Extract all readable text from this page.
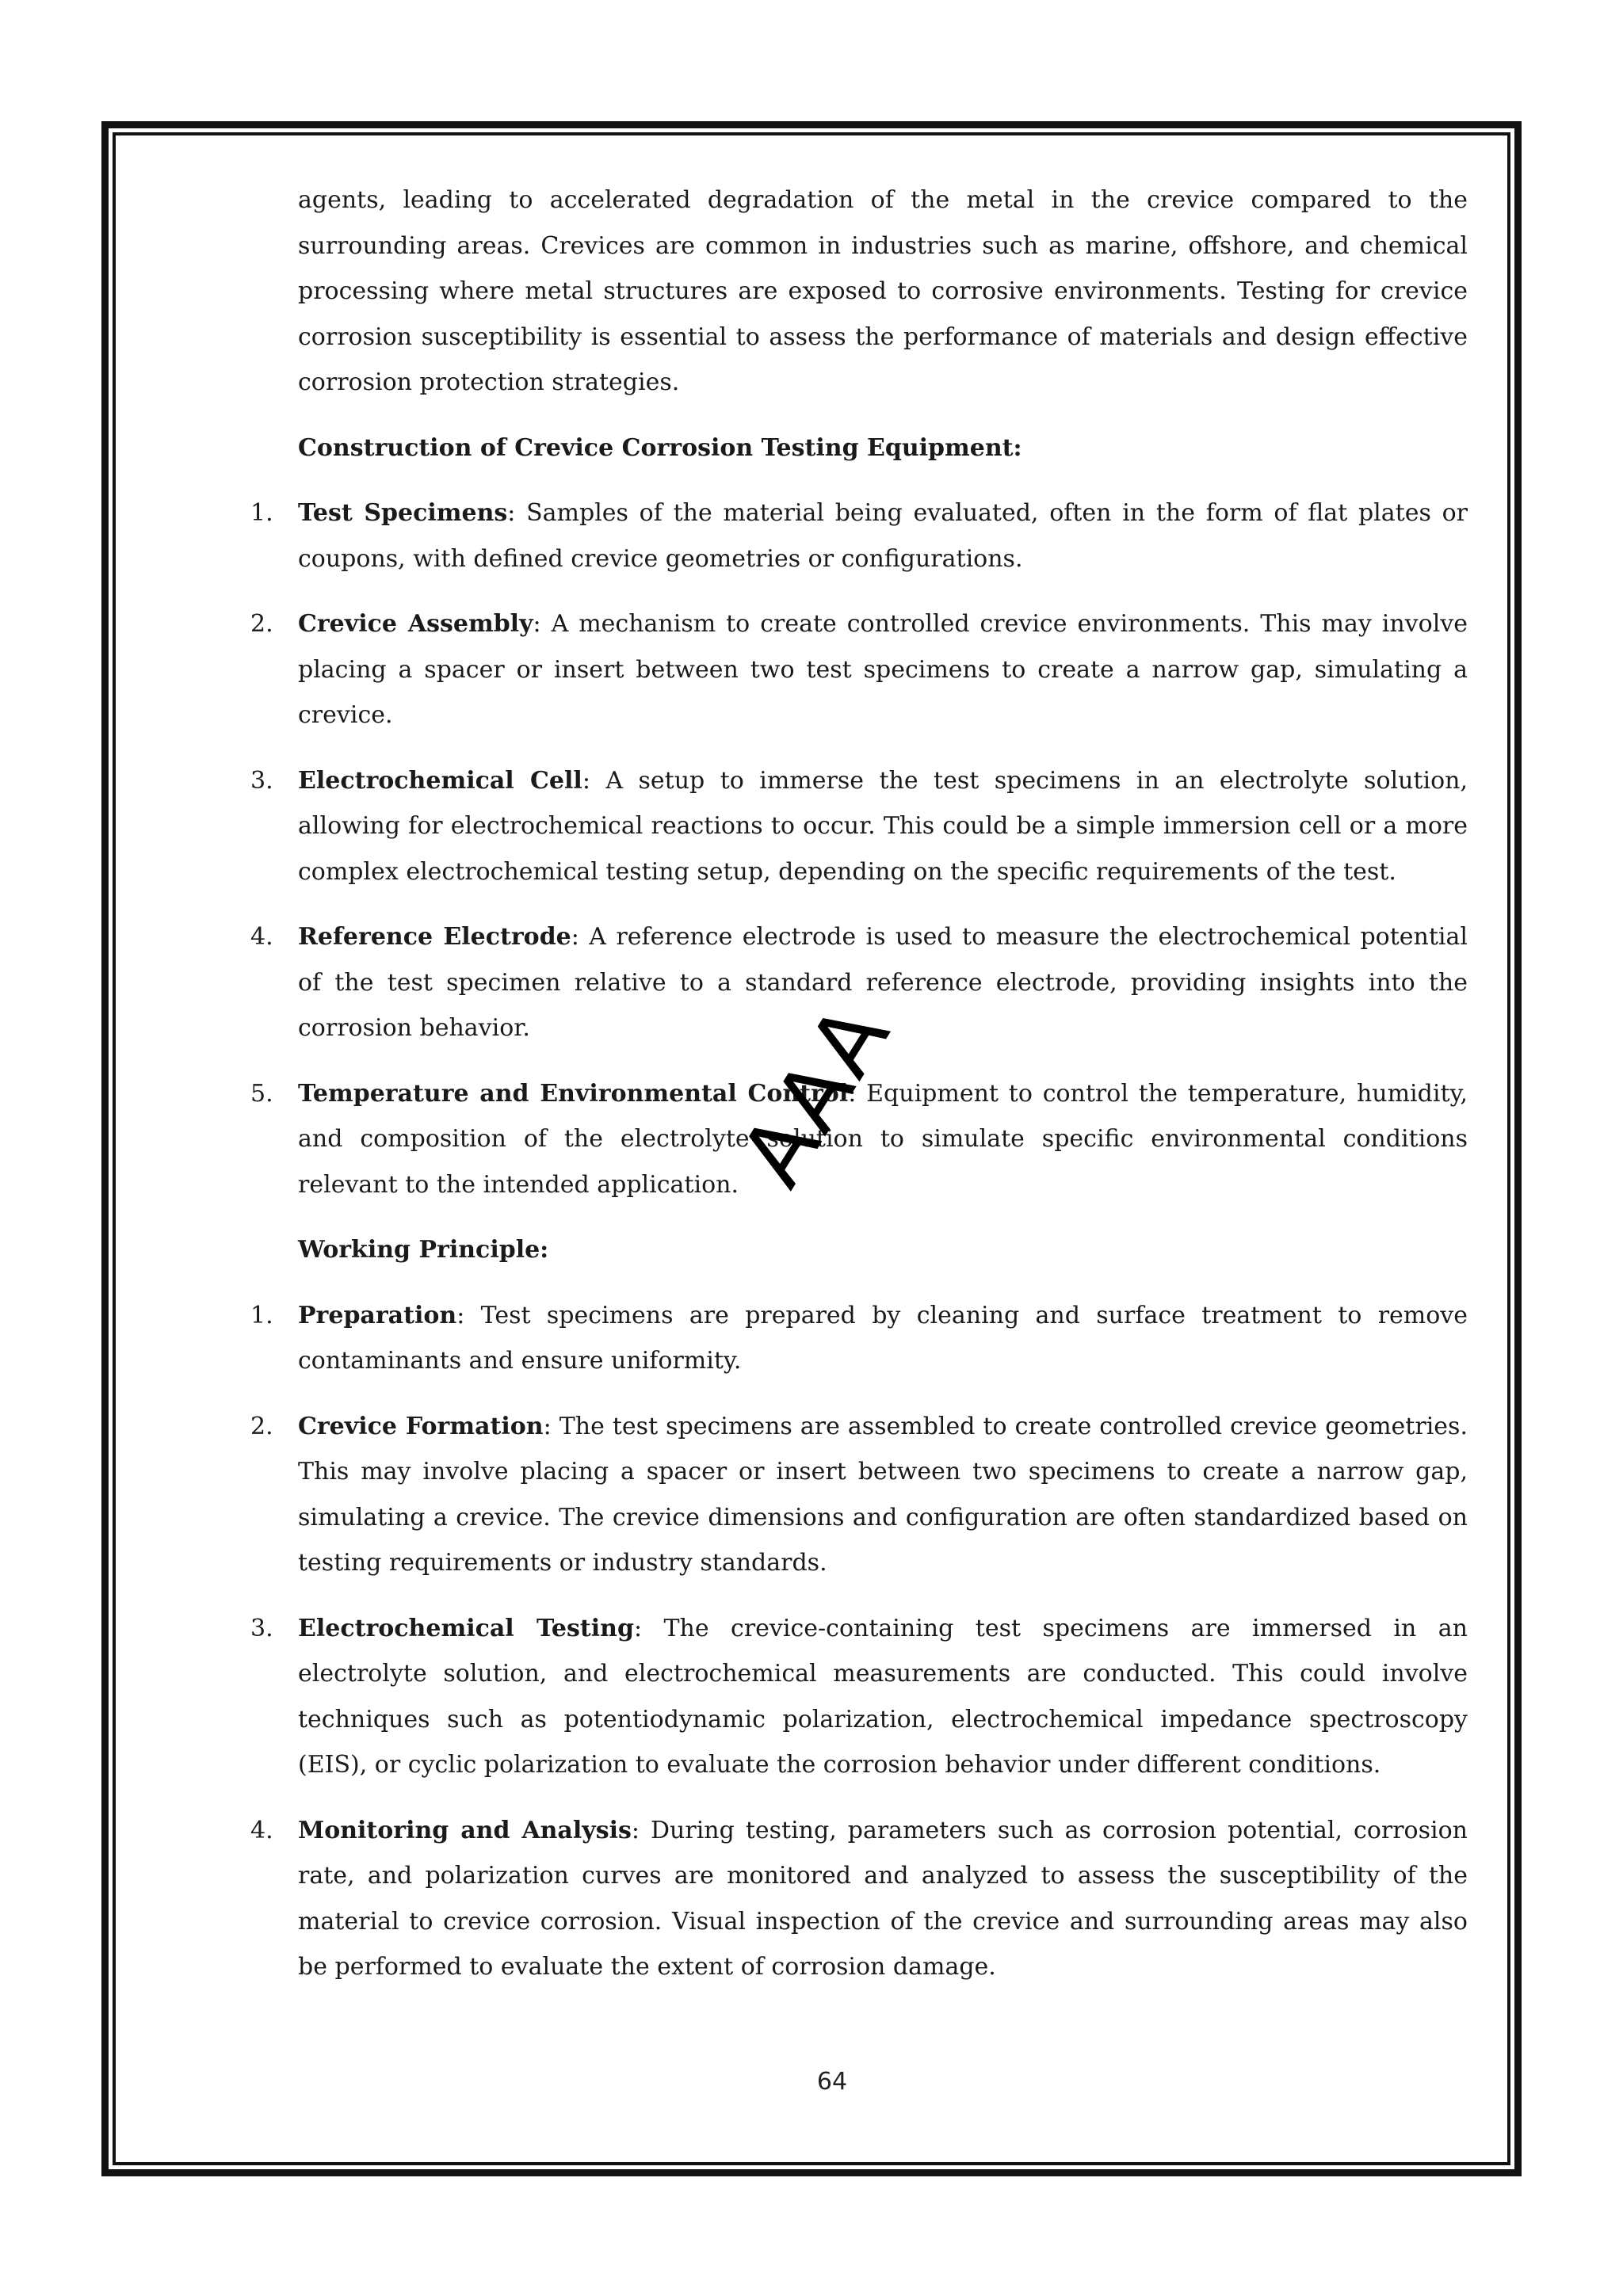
agents, leading to accelerated degradation of the metal in the crevice compared to the surrounding areas. Crevices are common in industries such as marine, offshore, and chemical processing where metal structures are exposed to corrosive environments. Testing for crevice corrosion susceptibility is essential to assess the performance of materials and design effective corrosion protection strategies.

Construction of Crevice Corrosion Testing Equipment:

1. Test Specimens: Samples of the material being evaluated, often in the form of flat plates or coupons, with defined crevice geometries or configurations.
2. Crevice Assembly: A mechanism to create controlled crevice environments. This may involve placing a spacer or insert between two test specimens to create a narrow gap, simulating a crevice.
3. Electrochemical Cell: A setup to immerse the test specimens in an electrolyte solution, allowing for electrochemical reactions to occur. This could be a simple immersion cell or a more complex electrochemical testing setup, depending on the specific requirements of the test.
4. Reference Electrode: A reference electrode is used to measure the electrochemical potential of the test specimen relative to a standard reference electrode, providing insights into the corrosion behavior.
5. Temperature and Environmental Control: Equipment to control the temperature, humidity, and composition of the electrolyte solution to simulate specific environmental conditions relevant to the intended application.

Working Principle:

1. Preparation: Test specimens are prepared by cleaning and surface treatment to remove contaminants and ensure uniformity.
2. Crevice Formation: The test specimens are assembled to create controlled crevice geometries. This may involve placing a spacer or insert between two specimens to create a narrow gap, simulating a crevice. The crevice dimensions and configuration are often standardized based on testing requirements or industry standards.
3. Electrochemical Testing: The crevice-containing test specimens are immersed in an electrolyte solution, and electrochemical measurements are conducted. This could involve techniques such as potentiodynamic polarization, electrochemical impedance spectroscopy (EIS), or cyclic polarization to evaluate the corrosion behavior under different conditions.
4. Monitoring and Analysis: During testing, parameters such as corrosion potential, corrosion rate, and polarization curves are monitored and analyzed to assess the susceptibility of the material to crevice corrosion. Visual inspection of the crevice and surrounding areas may also be performed to evaluate the extent of corrosion damage.
AAA
64
